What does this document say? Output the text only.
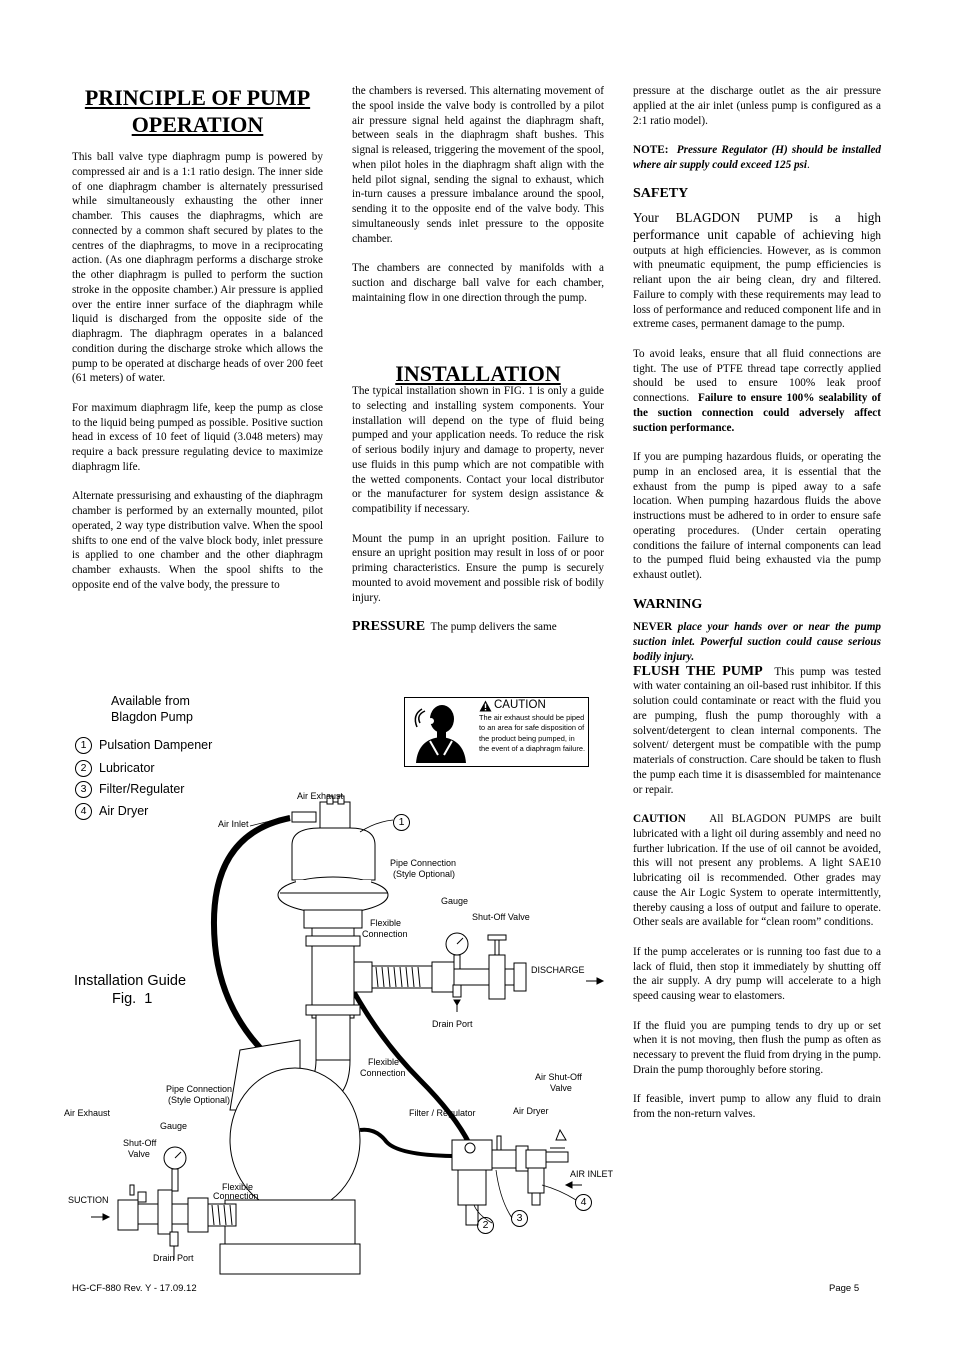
PRINCIPLE OF PUMP OPERATION
INSTALLATION

This ball valve type diaphragm pump is powered by compressed air and is a 1:1 ratio design. The inner side of one diaphragm chamber is alternately pressurised while simultaneously exhausting the other inner chamber. This causes the diaphragms, which are connected by a common shaft secured by plates to the centres of the diaphragms, to move in a reciprocating action. (As one diaphragm performs a discharge stroke the other diaphragm is pulled to perform the suction stroke in the opposite chamber.) Air pressure is applied over the entire inner surface of the diaphragm while liquid is discharged from the opposite side of the diaphragm. The diaphragm operates in a balanced condition during the discharge stroke which allows the pump to be operated at discharge heads of over 200 feet (61 meters) of water.

For maximum diaphragm life, keep the pump as close to the liquid being pumped as possible. Positive suction head in excess of 10 feet of liquid (3.048 meters) may require a back pressure regulating device to maximize diaphragm life.

Alternate pressurising and exhausting of the diaphragm chamber is performed by an externally mounted, pilot operated, 2 way type distribution valve. When the spool shifts to one end of the valve block body, inlet pressure is applied to one chamber and the other diaphragm chamber exhausts. When the spool shifts to the opposite end of the valve body, the pressure to

the chambers is reversed. This alternating movement of the spool inside the valve body is controlled by a pilot air pressure signal held against the diaphragm shaft, between seals in the diaphragm shaft bushes. This signal is released, triggering the movement of the spool, when pilot holes in the diaphragm shaft align with the held pilot signal, sending the signal to exhaust, which in-turn causes a pressure imbalance around the spool, sending it to the opposite end of the valve body. This simultaneously sends inlet pressure to the opposite chamber.

The chambers are connected by manifolds with a suction and discharge ball valve for each chamber, maintaining flow in one direction through the pump.

The typical installation shown in FIG. 1 is only a guide to selecting and installing system components. Your installation will depend on the type of fluid being pumped and your application needs. To reduce the risk of serious bodily injury and damage to property, never use fluids in this pump which are not compatible with the wetted components. Contact your local distributor or the manufacturer for system design assistance & compatibility if necessary.

Mount the pump in an upright position. Failure to ensure an upright position may result in loss of or poor priming characteristics. Ensure the pump is securely mounted to avoid movement and possible risk of bodily injury.

PRESSURE The pump delivers the same

pressure at the discharge outlet as the air pressure applied at the air inlet (unless pump is configured as a 2:1 ratio model).

NOTE: Pressure Regulator (H) should be installed where air supply could exceed 125 psi.

SAFETY

Your BLAGDON PUMP is a high performance unit capable of achieving high outputs at high efficiencies. However, as is common with pneumatic equipment, the pump efficiencies is reliant upon the air being clean, dry and filtered. Failure to comply with these requirements may lead to loss of performance and reduced component life and in extreme cases, permanent damage to the pump.

To avoid leaks, ensure that all fluid connections are tight. The use of PTFE thread tape correctly applied should be used to ensure 100% leak proof connections. Failure to ensure 100% sealability of the suction connection could adversely affect suction performance.

If you are pumping hazardous fluids, or operating the pump in an enclosed area, it is essential that the exhaust from the pump is piped away to a safe location. When pumping hazardous fluids the above instructions must be adhered to in order to ensure safe operating procedures. (Under certain operating conditions the failure of internal components can lead to the pumped fluid being exhausted via the pump exhaust outlet).

WARNING

NEVER place your hands over or near the pump suction inlet. Powerful suction could cause serious bodily injury.

FLUSH THE PUMP This pump was tested with water containing an oil-based rust inhibitor. If this solution could contaminate or react with the fluid you are pumping, flush the pump thoroughly with a solvent/detergent to clean internal components. The solvent/ detergent must be compatible with the pump materials of construction. Care should be taken to flush the pump each time it is disassembled for maintenance or repair.

CAUTION All BLAGDON PUMPS are built lubricated with a light oil during assembly and need no further lubrication. If the use of oil cannot be avoided, this will not present any problems. A light SAE10 lubricating oil is recommended. Other grades may cause the Air Logic System to operate intermittently, thereby causing a loss of output and failure to operate. Other seals are available for “clean room” conditions.

If the pump accelerates or is running too fast due to a lack of fluid, then stop it immediately by shutting off the air supply. A dry pump will accelerate to a high speed causing wear to elastomers.

If the fluid you are pumping tends to dry up or set when it is not moving, then flush the pump as often as necessary to prevent the fluid from drying in the pump. Drain the pump thoroughly before storing.

If feasible, invert pump to allow any fluid to drain from the non-return valves.

Available from
Blagdon Pump
1	Pulsation Dampener
2	Lubricator
3	Filter/Regulater
4	Air Dryer
Installation Guide
Fig.  1
CAUTION
The air exhaust should be piped to an area for safe disposition of the product being pumped, in the event of a diaphragm failure.
Air Exhaust
Air Inlet	1
Pipe Connection
(Style Optional)
Gauge
Shut-Off Valve
Flexible
Connection
DISCHARGE
Drain Port
Flexible
Connection	Air Shut-Off
Valve
Pipe Connection
(Style Optional)
Air Exhaust	Filter / Regulator	Air Dryer
Gauge
Shut-Off
Valve
Flexible
Connection
AIR INLET
SUCTION
Drain Port
4
3
2
HG-CF-880 Rev. Y - 17.09.12	Page 5
